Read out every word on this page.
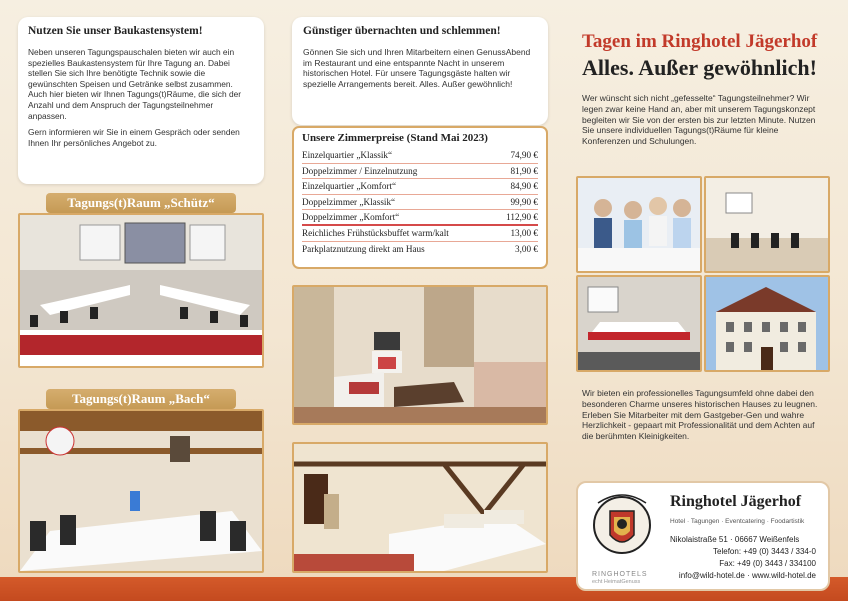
Nutzen Sie unser Baukastensystem!

Neben unseren Tagungspauschalen bieten wir auch ein spezielles Baukastensystem für Ihre Tagung an. Dabei stellen Sie sich Ihre benötigte Technik sowie die gewünschten Speisen und Getränke selbst zusammen.

Auch hier bieten wir Ihnen Tagungs(t)Räume, die sich der Anzahl und dem Anspruch der Tagungsteilnehmer anpassen.

Gern informieren wir Sie in einem Gespräch oder senden Ihnen Ihr persönliches Angebot zu.

Tagungs(t)Raum „Schütz“
Tagungs(t)Raum „Bach“
Günstiger übernachten und schlemmen!

Gönnen Sie sich und Ihren Mitarbeitern einen GenussAbend im Restaurant und eine entspannte Nacht in unserem historischen Hotel. Für unsere Tagungsgäste halten wir spezielle Arrangements bereit. Alles. Außer gewöhnlich!

Unsere Zimmerpreise (Stand Mai 2023)
Einzelquartier „Klassik“	74,90 €
Doppelzimmer / Einzelnutzung	81,90 €
Einzelquartier „Komfort“	84,90 €
Doppelzimmer „Klassik“	99,90 €
Doppelzimmer „Komfort“	112,90 €
Reichliches Frühstücksbuffet warm/kalt	13,00 €
Parkplatznutzung direkt am Haus	3,00 €
Tagen im Ringhotel Jägerhof
Alles. Außer gewöhnlich!

Wer wünscht sich nicht „gefesselte“ Tagungsteilnehmer? Wir legen zwar keine Hand an, aber mit unserem Tagungskonzept begleiten wir Sie von der ersten bis zur letzten Minute. Nutzen Sie unsere individuellen Tagungs(t)Räume für kleine Konferenzen und Schulungen.

Wir bieten ein professionelles Tagungsumfeld ohne dabei den besonderen Charme unseres historischen Hauses zu leugnen.

Erleben Sie Mitarbeiter mit dem Gastgeber-Gen und wahre Herzlichkeit - gepaart mit Professionalität und dem Achten auf die berühmten Kleinigkeiten.

Ringhotel Jägerhof
Hotel · Tagungen · Eventcatering · Foodartistik
Nikolaistraße 51 · 06667 Weißenfels
Telefon: +49 (0) 3443 / 334-0
Fax: +49 (0) 3443 / 334100
info@wild-hotel.de · www.wild-hotel.de
RINGHOTELS
echt HeimatGenuss
